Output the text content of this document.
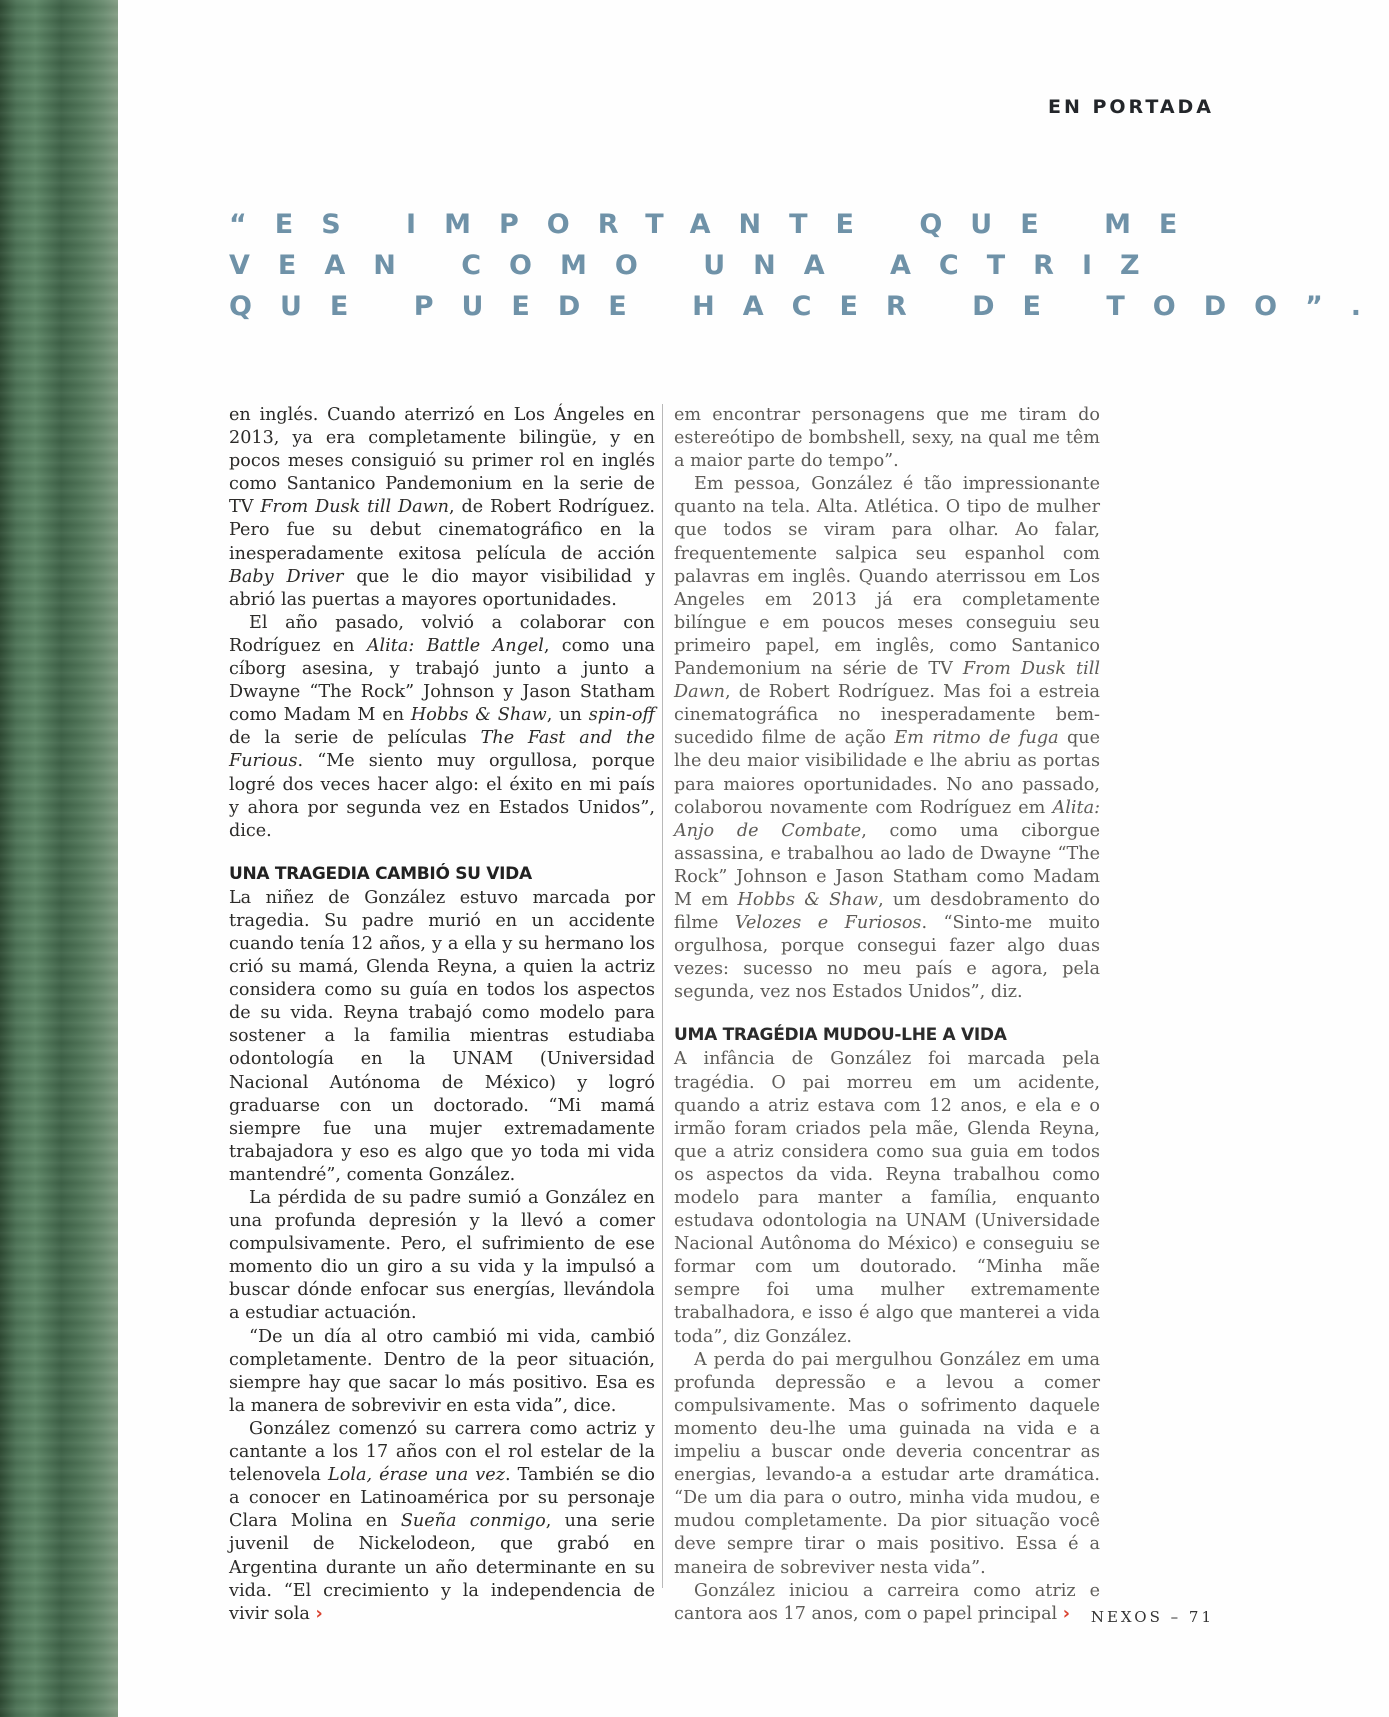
EN PORTADA
“ES IMPORTANTE QUE ME
VEAN COMO UNA ACTRIZ
QUE PUEDE HACER DE TODO”.

en inglés. Cuando aterrizó en Los Ángeles en 2013, ya era completamente bilingüe, y en pocos meses consiguió su primer rol en inglés como Santanico Pandemonium en la serie de TV From Dusk till Dawn, de Robert Rodríguez. Pero fue su debut cinematográfico en la inesperadamente exitosa película de acción Baby Driver que le dio mayor visibilidad y abrió las puertas a mayores oportunidades.

El año pasado, volvió a colaborar con Rodríguez en Alita: Battle Angel, como una cíborg asesina, y trabajó junto a junto a Dwayne “The Rock” Johnson y Jason Statham como Madam M en Hobbs & Shaw, un spin-off de la serie de películas The Fast and the Furious. “Me siento muy orgullosa, porque logré dos veces hacer algo: el éxito en mi país y ahora por segunda vez en Estados Unidos”, dice.

UNA TRAGEDIA CAMBIÓ SU VIDA

La niñez de González estuvo marcada por tragedia. Su padre murió en un accidente cuando tenía 12 años, y a ella y su hermano los crió su mamá, Glenda Reyna, a quien la actriz considera como su guía en todos los aspectos de su vida. Reyna trabajó como modelo para sostener a la familia mientras estudiaba odontología en la UNAM (Universidad Nacional Autónoma de México) y logró graduarse con un doctorado. “Mi mamá siempre fue una mujer extremadamente trabajadora y eso es algo que yo toda mi vida mantendré”, comenta González.

La pérdida de su padre sumió a González en una profunda depresión y la llevó a comer compulsivamente. Pero, el sufrimiento de ese momento dio un giro a su vida y la impulsó a buscar dónde enfocar sus energías, llevándola a estudiar actuación.

“De un día al otro cambió mi vida, cambió completamente. Dentro de la peor situación, siempre hay que sacar lo más positivo. Esa es la manera de sobrevivir en esta vida”, dice.

González comenzó su carrera como actriz y cantante a los 17 años con el rol estelar de la telenovela Lola, érase una vez. También se dio a conocer en Latinoamérica por su personaje Clara Molina en Sueña conmigo, una serie juvenil de Nickelodeon, que grabó en Argentina durante un año determinante en su vida. “El crecimiento y la independencia de vivir sola ›

em encontrar personagens que me tiram do estereótipo de bombshell, sexy, na qual me têm a maior parte do tempo”.

Em pessoa, González é tão impressionante quanto na tela. Alta. Atlética. O tipo de mulher que todos se viram para olhar. Ao falar, frequentemente salpica seu espanhol com palavras em inglês. Quando aterrissou em Los Angeles em 2013 já era completamente bilíngue e em poucos meses conseguiu seu primeiro papel, em inglês, como Santanico Pandemonium na série de TV From Dusk till Dawn, de Robert Rodríguez. Mas foi a estreia cinematográfica no inesperadamente bem-sucedido filme de ação Em ritmo de fuga que lhe deu maior visibilidade e lhe abriu as portas para maiores oportunidades. No ano passado, colaborou novamente com Rodríguez em Alita: Anjo de Combate, como uma ciborgue assassina, e trabalhou ao lado de Dwayne “The Rock” Johnson e Jason Statham como Madam M em Hobbs & Shaw, um desdobramento do filme Velozes e Furiosos. “Sinto-me muito orgulhosa, porque consegui fazer algo duas vezes: sucesso no meu país e agora, pela segunda, vez nos Estados Unidos”, diz.

UMA TRAGÉDIA MUDOU-LHE A VIDA

A infância de González foi marcada pela tragédia. O pai morreu em um acidente, quando a atriz estava com 12 anos, e ela e o irmão foram criados pela mãe, Glenda Reyna, que a atriz considera como sua guia em todos os aspectos da vida. Reyna trabalhou como modelo para manter a família, enquanto estudava odontologia na UNAM (Universidade Nacional Autônoma do México) e conseguiu se formar com um doutorado. “Minha mãe sempre foi uma mulher extremamente trabalhadora, e isso é algo que manterei a vida toda”, diz González.

A perda do pai mergulhou González em uma profunda depressão e a levou a comer compulsivamente. Mas o sofrimento daquele momento deu-lhe uma guinada na vida e a impeliu a buscar onde deveria concentrar as energias, levando-a a estudar arte dramática. “De um dia para o outro, minha vida mudou, e mudou completamente. Da pior situação você deve sempre tirar o mais positivo. Essa é a maneira de sobreviver nesta vida”.

González iniciou a carreira como atriz e cantora aos 17 anos, com o papel principal ›	NEXOS – 71
